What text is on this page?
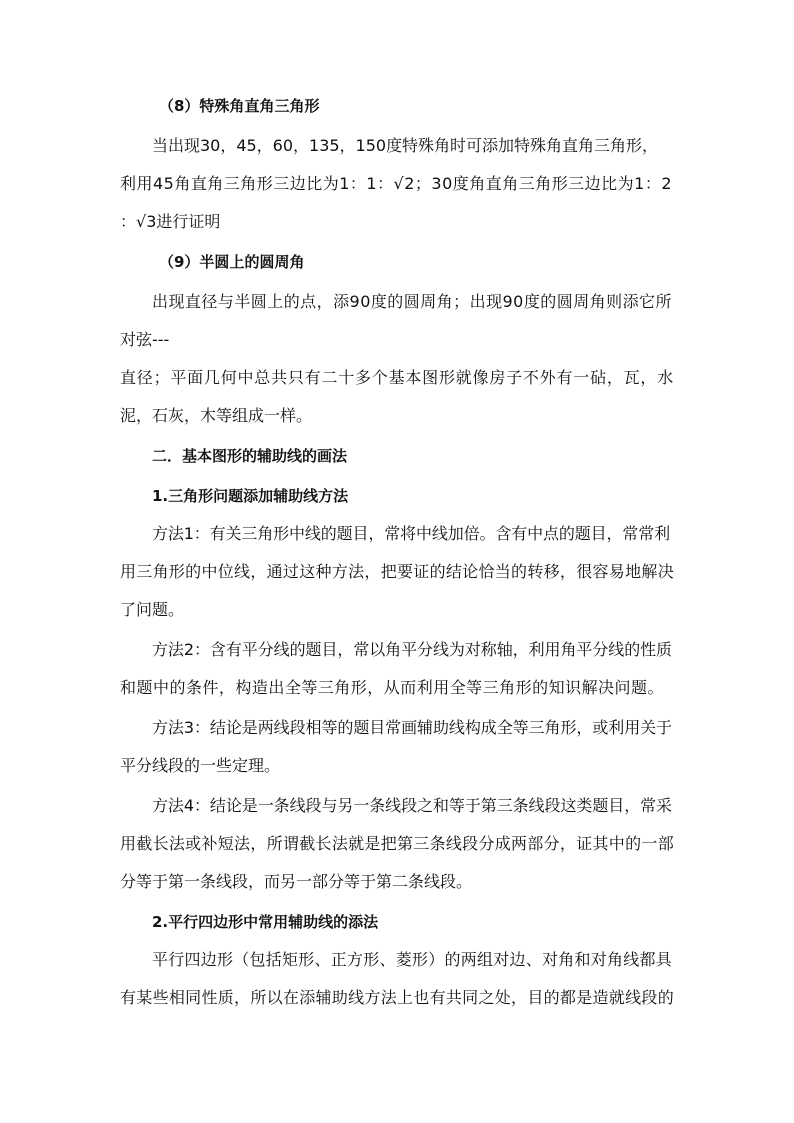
（8）特殊角直角三角形
当出现30，45，60，135，150度特殊角时可添加特殊角直角三角形，
利用45角直角三角形三边比为1：1：√2；30度角直角三角形三边比为1：2
：√3进行证明
（9）半圆上的圆周角
出现直径与半圆上的点，添90度的圆周角；出现90度的圆周角则添它所
对弦---
直径；平面几何中总共只有二十多个基本图形就像房子不外有一砧，瓦，水
泥，石灰，木等组成一样。
二．基本图形的辅助线的画法
1.三角形问题添加辅助线方法
方法1：有关三角形中线的题目，常将中线加倍。含有中点的题目，常常利
用三角形的中位线，通过这种方法，把要证的结论恰当的转移，很容易地解决
了问题。
方法2：含有平分线的题目，常以角平分线为对称轴，利用角平分线的性质
和题中的条件，构造出全等三角形，从而利用全等三角形的知识解决问题。
方法3：结论是两线段相等的题目常画辅助线构成全等三角形，或利用关于
平分线段的一些定理。
方法4：结论是一条线段与另一条线段之和等于第三条线段这类题目，常采
用截长法或补短法，所谓截长法就是把第三条线段分成两部分，证其中的一部
分等于第一条线段，而另一部分等于第二条线段。
2.平行四边形中常用辅助线的添法
平行四边形（包括矩形、正方形、菱形）的两组对边、对角和对角线都具
有某些相同性质，所以在添辅助线方法上也有共同之处，目的都是造就线段的
